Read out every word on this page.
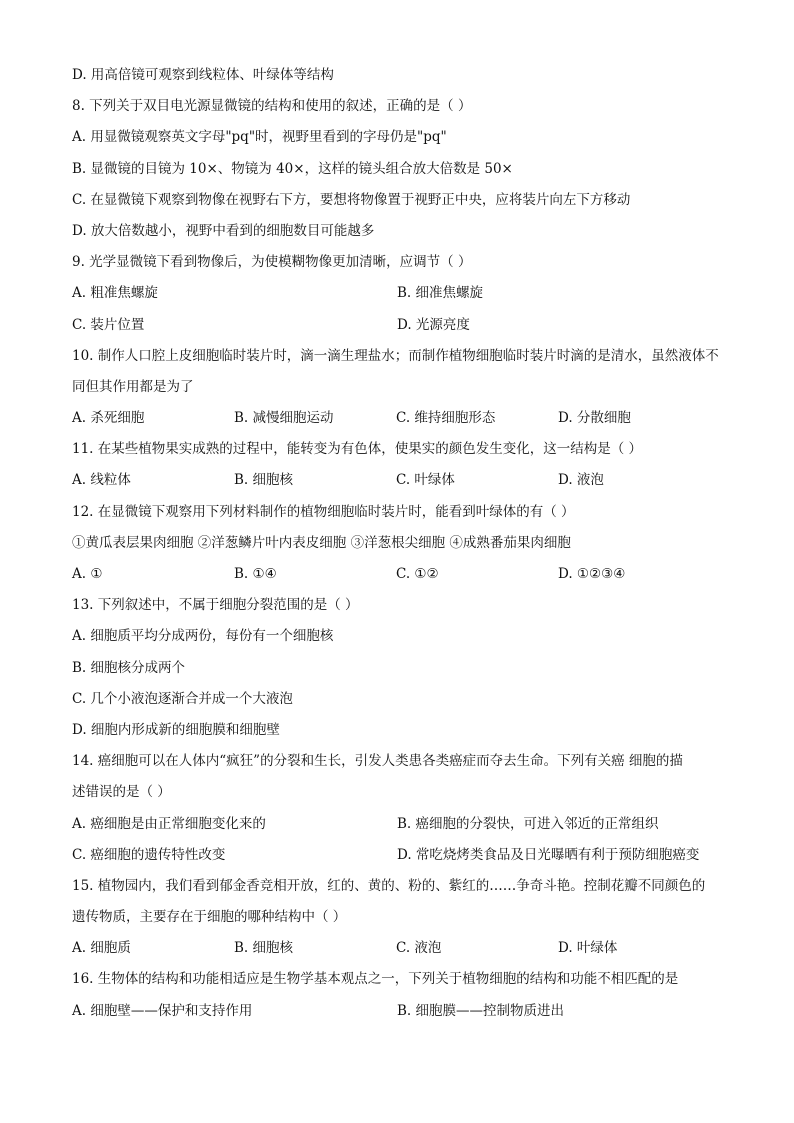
D. 用高倍镜可观察到线粒体、叶绿体等结构
8. 下列关于双目电光源显微镜的结构和使用的叙述，正确的是（ ）
A. 用显微镜观察英文字母"pq"时，视野里看到的字母仍是"pq"
B. 显微镜的目镜为 10×、物镜为 40×，这样的镜头组合放大倍数是 50×
C. 在显微镜下观察到物像在视野右下方，要想将物像置于视野正中央，应将装片向左下方移动
D. 放大倍数越小，视野中看到的细胞数目可能越多
9. 光学显微镜下看到物像后，为使模糊物像更加清晰，应调节（ ）
A. 粗准焦螺旋	B. 细准焦螺旋
C. 装片位置	D. 光源亮度
10. 制作人口腔上皮细胞临时装片时，滴一滴生理盐水；而制作植物细胞临时装片时滴的是清水，虽然液体不
同但其作用都是为了
A. 杀死细胞	B. 减慢细胞运动	C. 维持细胞形态	D. 分散细胞
11. 在某些植物果实成熟的过程中，能转变为有色体，使果实的颜色发生变化，这一结构是（ ）
A. 线粒体	B. 细胞核	C. 叶绿体	D. 液泡
12. 在显微镜下观察用下列材料制作的植物细胞临时装片时，能看到叶绿体的有（ ）
①黄瓜表层果肉细胞 ②洋葱鳞片叶内表皮细胞 ③洋葱根尖细胞 ④成熟番茄果肉细胞
A. ①	B. ①④	C. ①②	D. ①②③④
13. 下列叙述中，不属于细胞分裂范围的是（ ）
A. 细胞质平均分成两份，每份有一个细胞核
B. 细胞核分成两个
C. 几个小液泡逐渐合并成一个大液泡
D. 细胞内形成新的细胞膜和细胞壁
14. 癌细胞可以在人体内“疯狂”的分裂和生长，引发人类患各类癌症而夺去生命。下列有关癌 细胞的描
述错误的是（ ）
A. 癌细胞是由正常细胞变化来的	B. 癌细胞的分裂快，可进入邻近的正常组织
C. 癌细胞的遗传特性改变	D. 常吃烧烤类食品及日光曝晒有利于预防细胞癌变
15. 植物园内，我们看到郁金香竞相开放，红的、黄的、粉的、紫红的……争奇斗艳。控制花瓣不同颜色的
遗传物质，主要存在于细胞的哪种结构中（ ）
A. 细胞质	B. 细胞核	C. 液泡	D. 叶绿体
16. 生物体的结构和功能相适应是生物学基本观点之一，下列关于植物细胞的结构和功能不相匹配的是
A. 细胞壁——保护和支持作用	B. 细胞膜——控制物质进出
